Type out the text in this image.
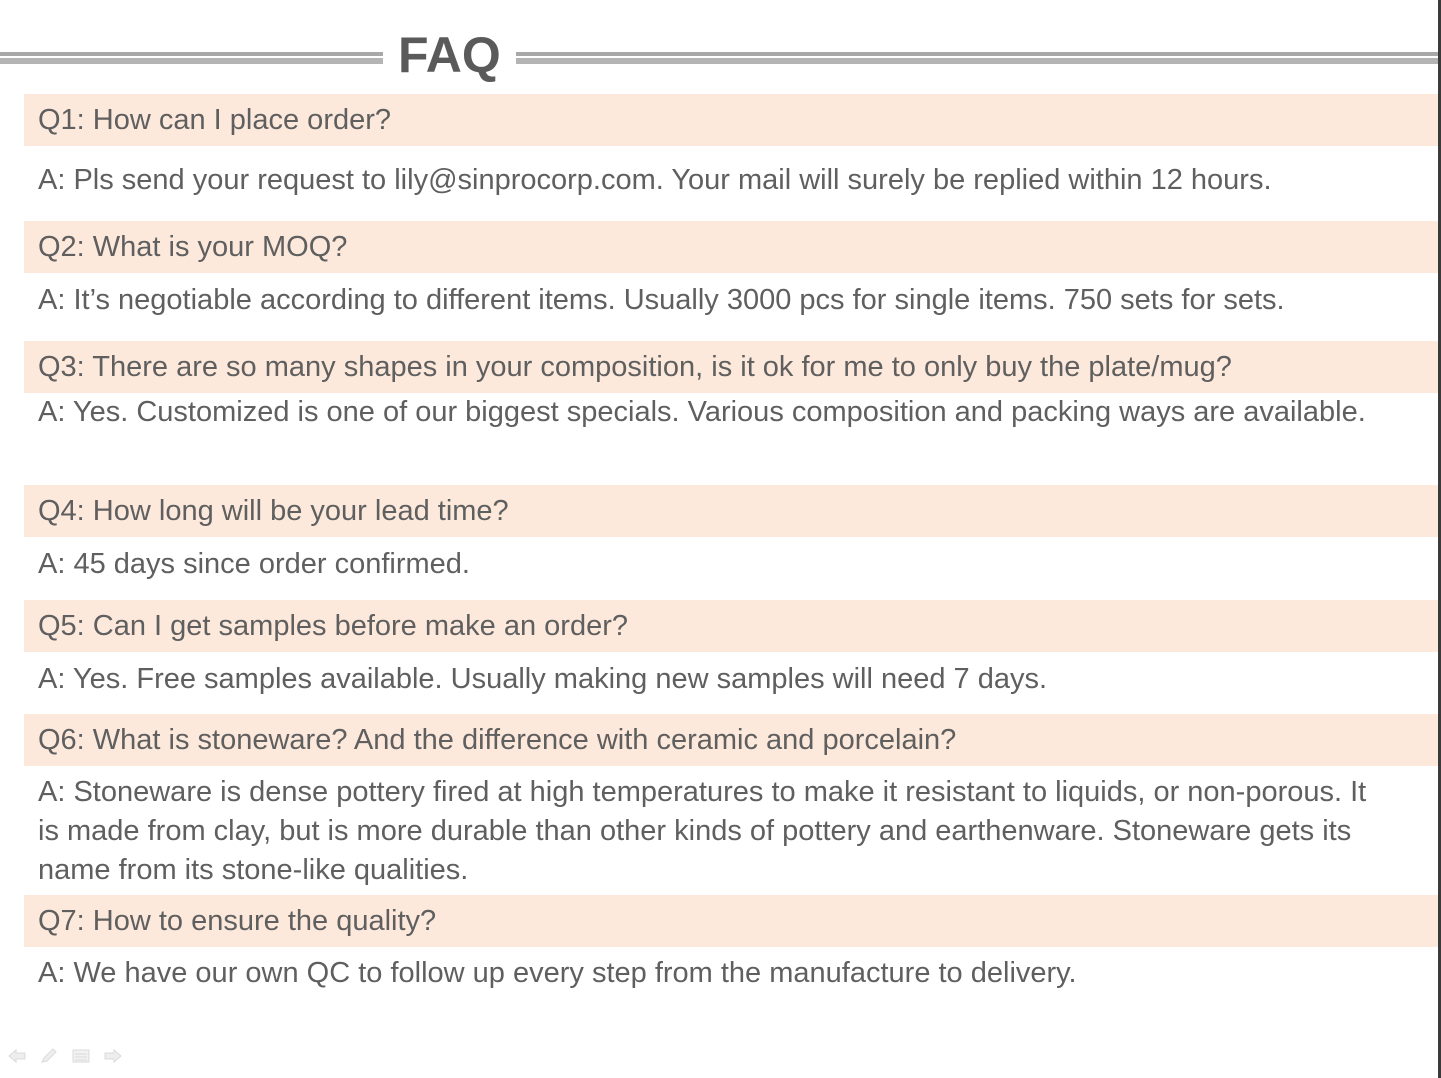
FAQ
Q1: How can I place order?
A: Pls send your request to lily@sinprocorp.com. Your mail will surely be replied within 12 hours.
Q2: What is your MOQ?
A: It’s negotiable according to different items. Usually 3000 pcs for single items. 750 sets for sets.
Q3: There are so many shapes in your composition, is it ok for me to only buy the plate/mug?
A: Yes. Customized is one of our biggest specials. Various composition and packing ways are available.
Q4: How long will be your lead time?
A: 45 days since order confirmed.
Q5: Can I get samples before make an order?
A: Yes. Free samples available. Usually making new samples will need 7 days.
Q6: What is stoneware? And the difference with ceramic and porcelain?
A: Stoneware is dense pottery fired at high temperatures to make it resistant to liquids, or non-porous. It is made from clay, but is more durable than other kinds of pottery and earthenware. Stoneware gets its name from its stone-like qualities.
Q7: How to ensure the quality?
A: We have our own QC to follow up every step from the manufacture to delivery.
